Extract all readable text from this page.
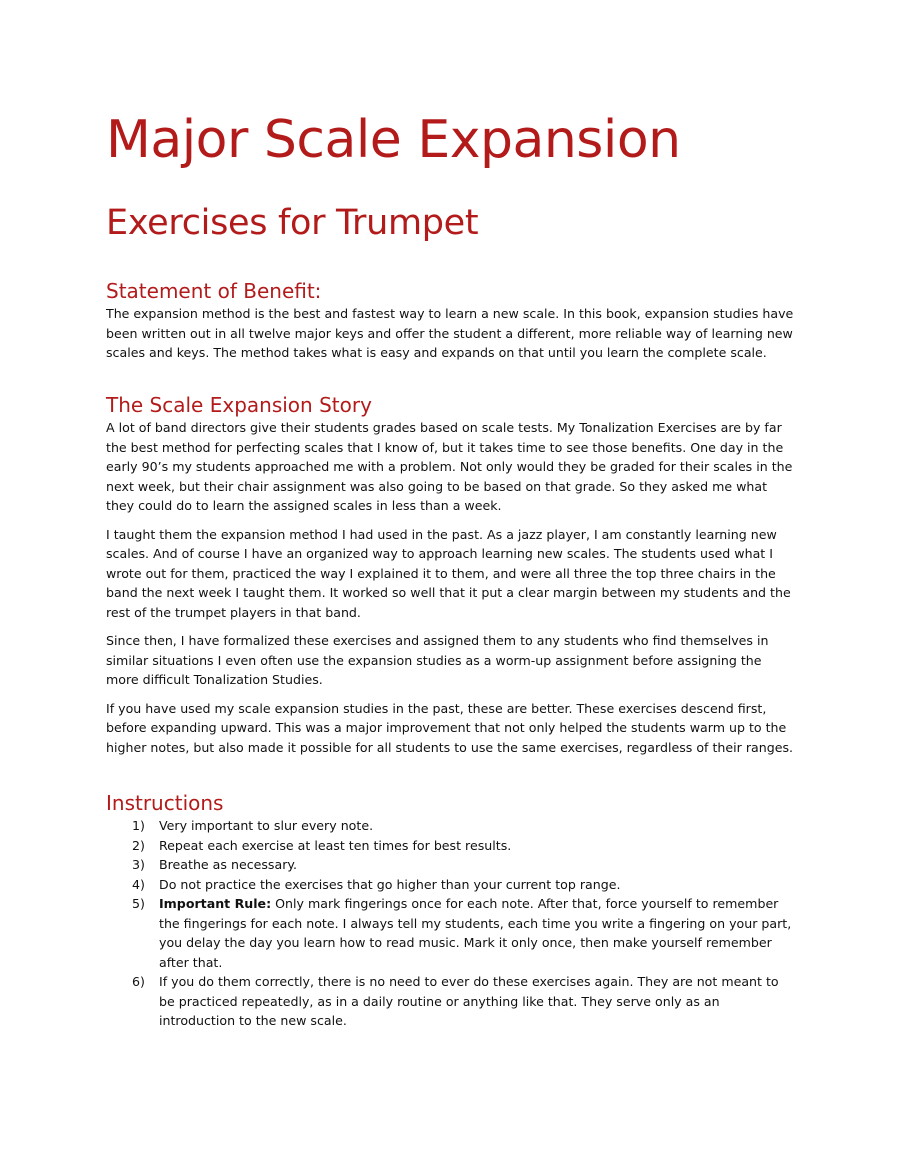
Major Scale Expansion
Exercises for Trumpet
Statement of Benefit:

The expansion method is the best and fastest way to learn a new scale. In this book, expansion studies have been written out in all twelve major keys and offer the student a different, more reliable way of learning new scales and keys. The method takes what is easy and expands on that until you learn the complete scale.

The Scale Expansion Story

A lot of band directors give their students grades based on scale tests. My Tonalization Exercises are by far the best method for perfecting scales that I know of, but it takes time to see those benefits. One day in the early 90’s my students approached me with a problem. Not only would they be graded for their scales in the next week, but their chair assignment was also going to be based on that grade. So they asked me what they could do to learn the assigned scales in less than a week.

I taught them the expansion method I had used in the past. As a jazz player, I am constantly learning new scales. And of course I have an organized way to approach learning new scales. The students used what I wrote out for them, practiced the way I explained it to them, and were all three the top three chairs in the band the next week I taught them. It worked so well that it put a clear margin between my students and the rest of the trumpet players in that band.

Since then, I have formalized these exercises and assigned them to any students who find themselves in similar situations I even often use the expansion studies as a worm-up assignment before assigning the more difficult Tonalization Studies.

If you have used my scale expansion studies in the past, these are better. These exercises descend first, before expanding upward. This was a major improvement that not only helped the students warm up to the higher notes, but also made it possible for all students to use the same exercises, regardless of their ranges.

Instructions
1) Very important to slur every note.
2) Repeat each exercise at least ten times for best results.
3) Breathe as necessary.
4) Do not practice the exercises that go higher than your current top range.
5) Important Rule: Only mark fingerings once for each note. After that, force yourself to remember the fingerings for each note. I always tell my students, each time you write a fingering on your part, you delay the day you learn how to read music. Mark it only once, then make yourself remember after that.
6) If you do them correctly, there is no need to ever do these exercises again. They are not meant to be practiced repeatedly, as in a daily routine or anything like that. They serve only as an introduction to the new scale.
